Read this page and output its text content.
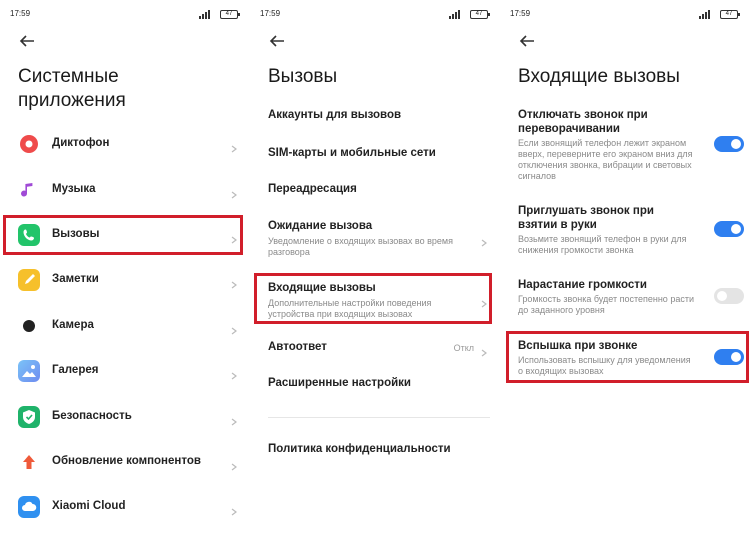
17:59	47
Системные
приложения
Диктофон
Музыка
Вызовы
Заметки
Камера
Галерея
Безопасность
Обновление компонентов
Xiaomi Cloud
17:59	47
Вызовы
Аккаунты для вызовов
SIM-карты и мобильные сети
Переадресация
Ожидание вызова
Уведомление о входящих вызовах во время разговора
Входящие вызовы
Дополнительные настройки поведения устройства при входящих вызовах
Автоответ	Откл
Расширенные настройки
Политика конфиденциальности
17:59	47
Входящие вызовы
Отключать звонок при переворачивании
Если звонящий телефон лежит экраном вверх, переверните его экраном вниз для отключения звонка, вибрации и световых сигналов
Приглушать звонок при взятии в руки
Возьмите звонящий телефон в руки для снижения громкости звонка
Нарастание громкости
Громкость звонка будет постепенно расти до заданного уровня
Вспышка при звонке
Использовать вспышку для уведомления о входящих вызовах
